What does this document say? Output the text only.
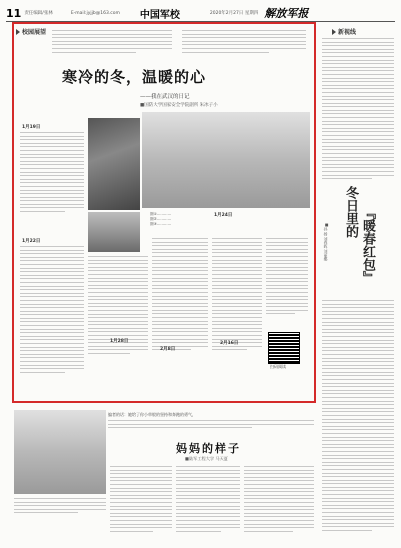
11 责任编辑/张林	E-mail:jyjjb@163.com 中国军校	2020年2月27日 星期四 解放军报
校园展望	新视线
寒冷的冬，温暖的心
——我在武汉的日记
■国防大学国家安全学院副所 朱冰子小
1月19日
1月22日
图①…………
图②…………
图③…………
1月28日
2月8日
2月16日
1月24日
扫码阅读
冬日里的 『暖春红包』
■孙 扬 刘春晖 刘丽娜
编者的话：她给了你小草般的坚持和奔跑的勇气，
妈妈的样子
■陆军工程大学 马天夏
